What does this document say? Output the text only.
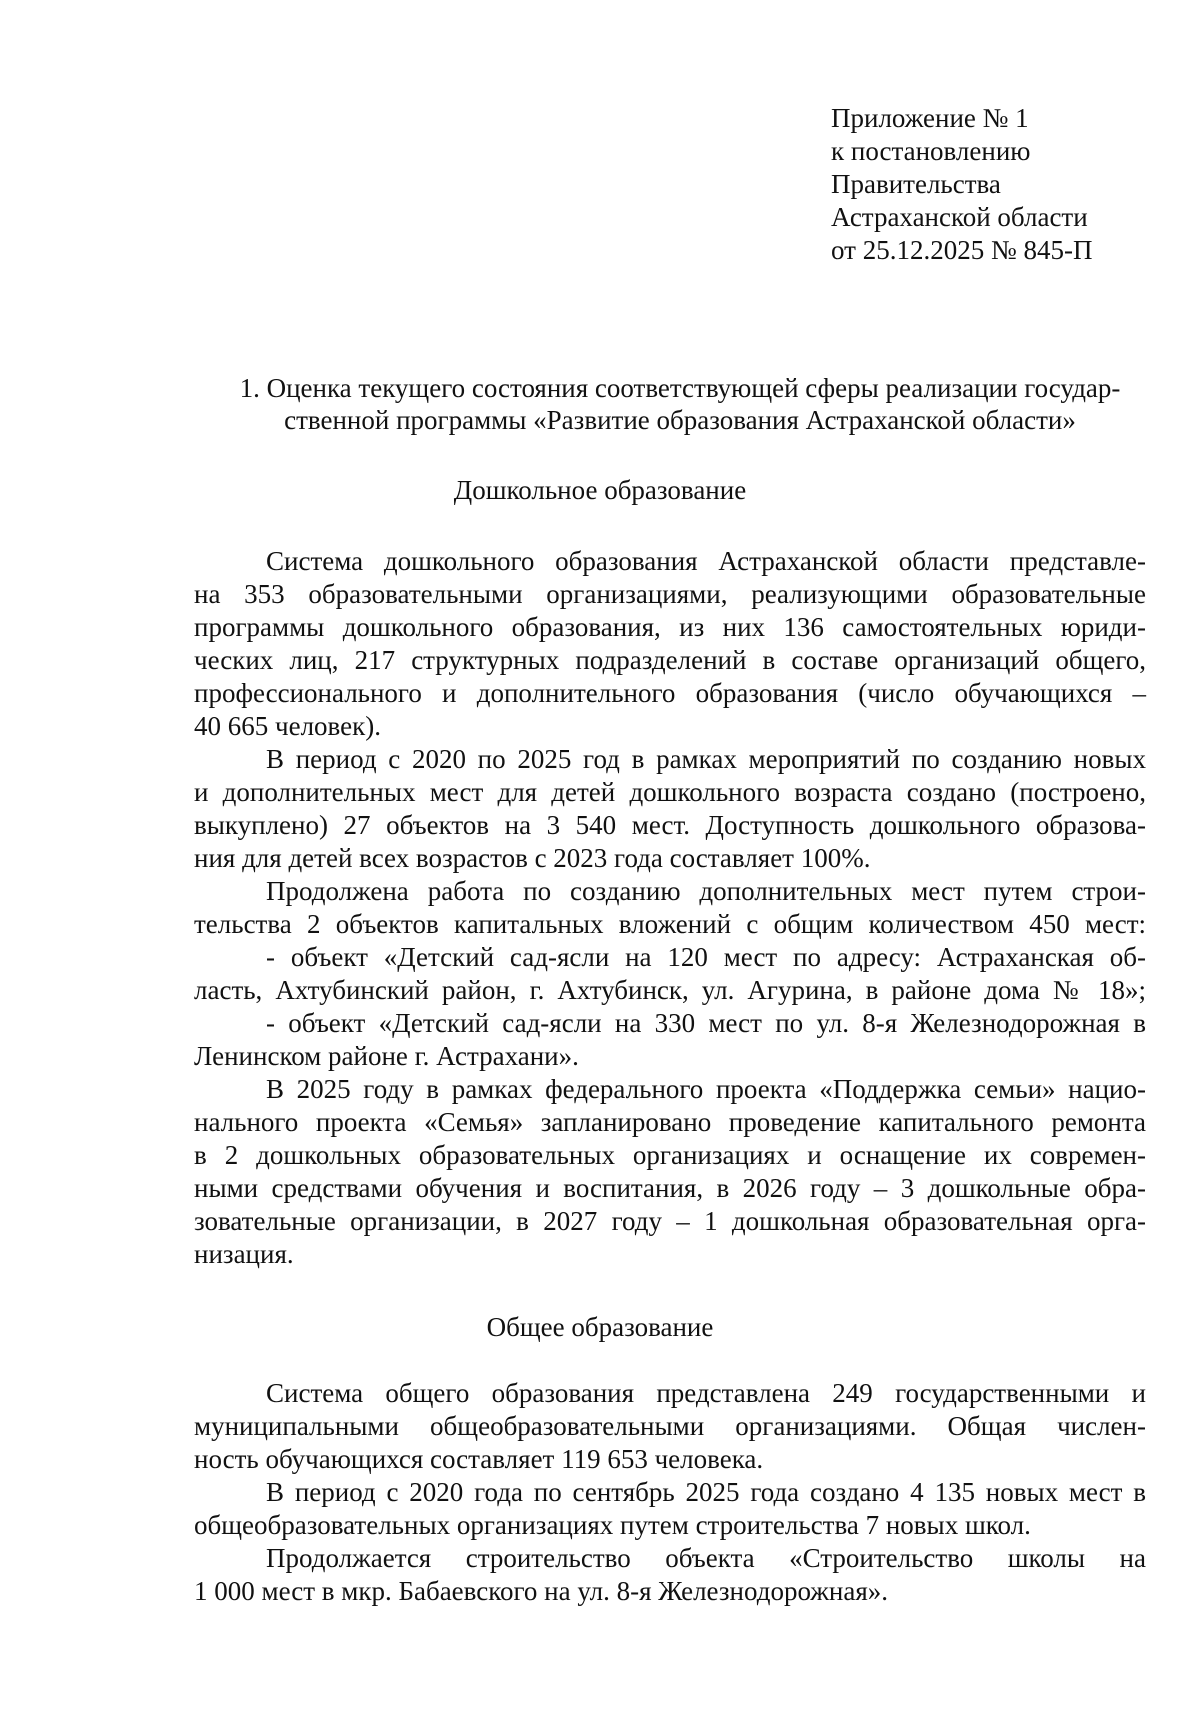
Приложение № 1
к постановлению
Правительства
Астраханской области
от 25.12.2025 № 845-П
1. Оценка текущего состояния соответствующей сферы реализации государ-
ственной программы «Развитие образования Астраханской области»
Дошкольное образование
Система дошкольного образования Астраханской области представле-
на 353 образовательными организациями, реализующими образовательные
программы дошкольного образования, из них 136 самостоятельных юриди-
ческих лиц, 217 структурных подразделений в составе организаций общего,
профессионального и дополнительного образования (число обучающихся –
40 665 человек).
В период с 2020 по 2025 год в рамках мероприятий по созданию новых
и дополнительных мест для детей дошкольного возраста создано (построено,
выкуплено) 27 объектов на 3 540 мест. Доступность дошкольного образова-
ния для детей всех возрастов с 2023 года составляет 100%.
Продолжена работа по созданию дополнительных мест путем строи-
тельства 2 объектов капитальных вложений с общим количеством 450 мест:
- объект «Детский сад-ясли на 120 мест по адресу: Астраханская об-
ласть, Ахтубинский район, г. Ахтубинск, ул. Агурина, в районе дома № 18»;
- объект «Детский сад-ясли на 330 мест по ул. 8-я Железнодорожная в
Ленинском районе г. Астрахани».
В 2025 году в рамках федерального проекта «Поддержка семьи» нацио-
нального проекта «Семья» запланировано проведение капитального ремонта
в 2 дошкольных образовательных организациях и оснащение их современ-
ными средствами обучения и воспитания, в 2026 году – 3 дошкольные обра-
зовательные организации, в 2027 году – 1 дошкольная образовательная орга-
низация.
Общее образование
Система общего образования представлена 249 государственными и
муниципальными общеобразовательными организациями. Общая числен-
ность обучающихся составляет 119 653 человека.
В период с 2020 года по сентябрь 2025 года создано 4 135 новых мест в
общеобразовательных организациях путем строительства 7 новых школ.
Продолжается строительство объекта «Строительство школы на
1 000 мест в мкр. Бабаевского на ул. 8-я Железнодорожная».
